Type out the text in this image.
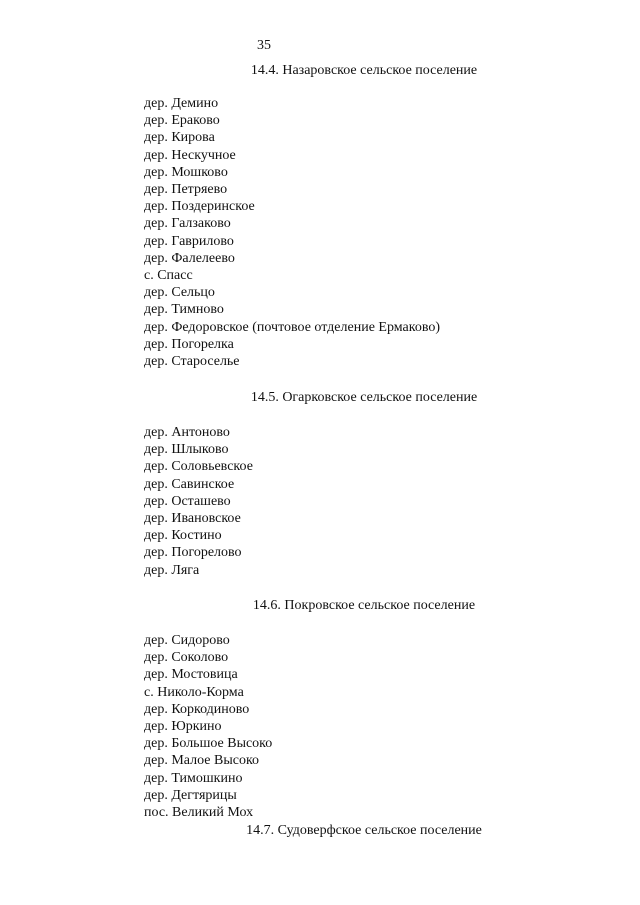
35
14.4. Назаровское сельское поселение
дер. Демино
дер. Ераково
дер. Кирова
дер. Нескучное
дер. Мошково
дер. Петряево
дер. Поздеринское
дер. Галзаково
дер. Гаврилово
дер. Фалелеево
с. Спасс
дер. Сельцо
дер. Тимново
дер. Федоровское (почтовое отделение Ермаково)
дер. Погорелка
дер. Староселье
14.5. Огарковское сельское поселение
дер. Антоново
дер. Шлыково
дер. Соловьевское
дер. Савинское
дер. Осташево
дер. Ивановское
дер. Костино
дер. Погорелово
дер. Ляга
14.6. Покровское сельское поселение
дер. Сидорово
дер. Соколово
дер. Мостовица
с. Николо-Корма
дер. Коркодиново
дер. Юркино
дер. Большое Высоко
дер. Малое Высоко
дер. Тимошкино
дер. Дегтярицы
пос. Великий Мох
14.7. Судоверфское сельское поселение
